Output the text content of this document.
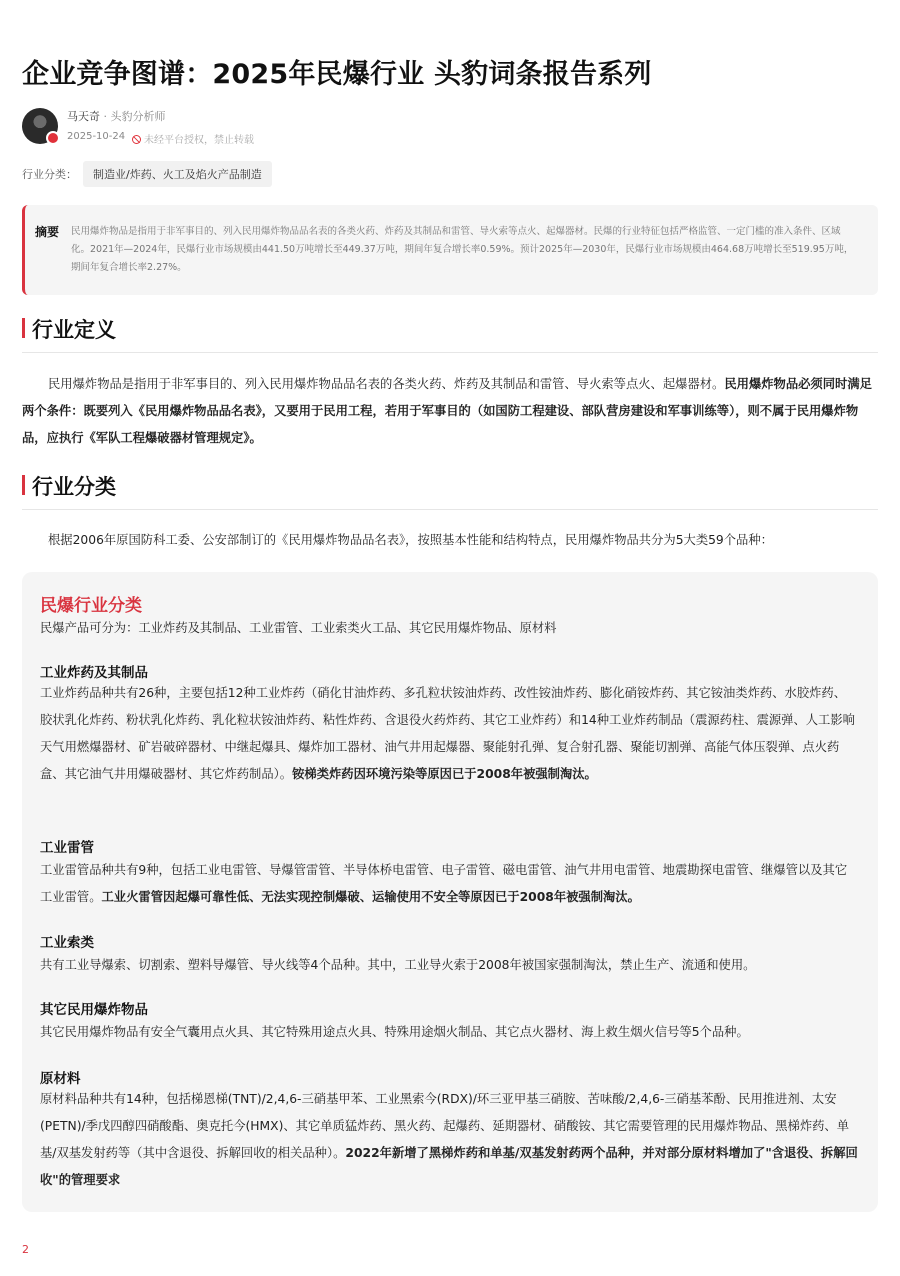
企业竞争图谱：2025年民爆行业 头豹词条报告系列
马天奇 · 头豹分析师
2025-10-24	未经平台授权，禁止转载
行业分类：	制造业/炸药、火工及焰火产品制造
摘要	民用爆炸物品是指用于非军事目的、列入民用爆炸物品品名表的各类火药、炸药及其制品和雷管、导火索等点火、起爆器材。民爆的行业特征包括严格监管、一定门槛的准入条件、区域化。2021年—2024年，民爆行业市场规模由441.50万吨增长至449.37万吨，期间年复合增长率0.59%。预计2025年—2030年，民爆行业市场规模由464.68万吨增长至519.95万吨，期间年复合增长率2.27%。
行业定义
民用爆炸物品是指用于非军事目的、列入民用爆炸物品品名表的各类火药、炸药及其制品和雷管、导火索等点火、起爆器材。民用爆炸物品必须同时满足两个条件：既要列入《民用爆炸物品品名表》，又要用于民用工程，若用于军事目的（如国防工程建设、部队营房建设和军事训练等），则不属于民用爆炸物品，应执行《军队工程爆破器材管理规定》。
行业分类
根据2006年原国防科工委、公安部制订的《民用爆炸物品品名表》，按照基本性能和结构特点，民用爆炸物品共分为5大类59个品种：
民爆行业分类
民爆产品可分为：工业炸药及其制品、工业雷管、工业索类火工品、其它民用爆炸物品、原材料
工业炸药及其制品
工业炸药品种共有26种，主要包括12种工业炸药（硝化甘油炸药、多孔粒状铵油炸药、改性铵油炸药、膨化硝铵炸药、其它铵油类炸药、水胶炸药、胶状乳化炸药、粉状乳化炸药、乳化粒状铵油炸药、粘性炸药、含退役火药炸药、其它工业炸药）和14种工业炸药制品（震源药柱、震源弹、人工影响天气用燃爆器材、矿岩破碎器材、中继起爆具、爆炸加工器材、油气井用起爆器、聚能射孔弹、复合射孔器、聚能切割弹、高能气体压裂弹、点火药盒、其它油气井用爆破器材、其它炸药制品）。铵梯类炸药因环境污染等原因已于2008年被强制淘汰。
工业雷管
工业雷管品种共有9种，包括工业电雷管、导爆管雷管、半导体桥电雷管、电子雷管、磁电雷管、油气井用电雷管、地震勘探电雷管、继爆管以及其它工业雷管。工业火雷管因起爆可靠性低、无法实现控制爆破、运输使用不安全等原因已于2008年被强制淘汰。
工业索类
共有工业导爆索、切割索、塑料导爆管、导火线等4个品种。其中，工业导火索于2008年被国家强制淘汰，禁止生产、流通和使用。
其它民用爆炸物品
其它民用爆炸物品有安全气囊用点火具、其它特殊用途点火具、特殊用途烟火制品、其它点火器材、海上救生烟火信号等5个品种。
原材料
原材料品种共有14种，包括梯恩梯(TNT)/2,4,6-三硝基甲苯、工业黑索今(RDX)/环三亚甲基三硝胺、苦味酸/2,4,6-三硝基苯酚、民用推进剂、太安(PETN)/季戊四醇四硝酸酯、奥克托今(HMX)、其它单质猛炸药、黑火药、起爆药、延期器材、硝酸铵、其它需要管理的民用爆炸物品、黑梯炸药、单基/双基发射药等（其中含退役、拆解回收的相关品种）。2022年新增了黑梯炸药和单基/双基发射药两个品种，并对部分原材料增加了"含退役、拆解回收"的管理要求
2
